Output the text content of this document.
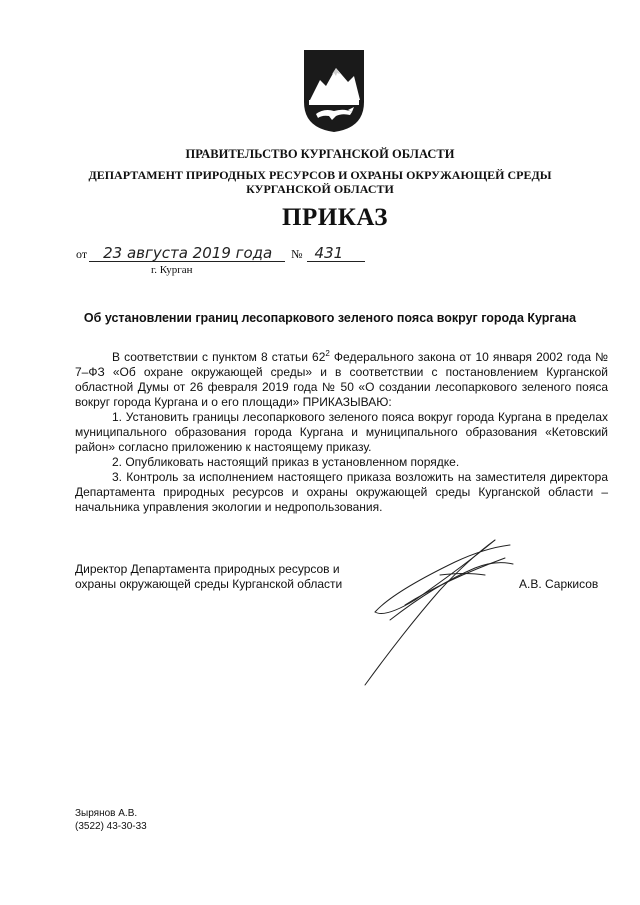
ПРАВИТЕЛЬСТВО КУРГАНСКОЙ ОБЛАСТИ
ДЕПАРТАМЕНТ ПРИРОДНЫХ РЕСУРСОВ И ОХРАНЫ ОКРУЖАЮЩЕЙ СРЕДЫ
КУРГАНСКОЙ ОБЛАСТИ
ПРИКАЗ
от 23 августа 2019 года № 431
г. Курган
Об установлении границ лесопаркового зеленого пояса вокруг города Кургана

В соответствии с пунктом 8 статьи $62^2$ Федерального закона от 10 января 2002 года № 7–ФЗ «Об охране окружающей среды» и в соответствии с постановлением Курганской областной Думы от 26 февраля 2019 года № 50 «О создании лесопаркового зеленого пояса вокруг города Кургана и о его площади» ПРИКАЗЫВАЮ:

1. Установить границы лесопаркового зеленого пояса вокруг города Кургана в пределах муниципального образования города Кургана и муниципального образования «Кетовский район» согласно приложению к настоящему приказу.

2. Опубликовать настоящий приказ в установленном порядке.

3. Контроль за исполнением настоящего приказа возложить на заместителя директора Департамента природных ресурсов и охраны окружающей среды Курганской области – начальника управления экологии и недропользования.

Директор Департамента природных ресурсов и
охраны окружающей среды Курганской области	А.В. Саркисов
Зырянов А.В.
(3522) 43-30-33
